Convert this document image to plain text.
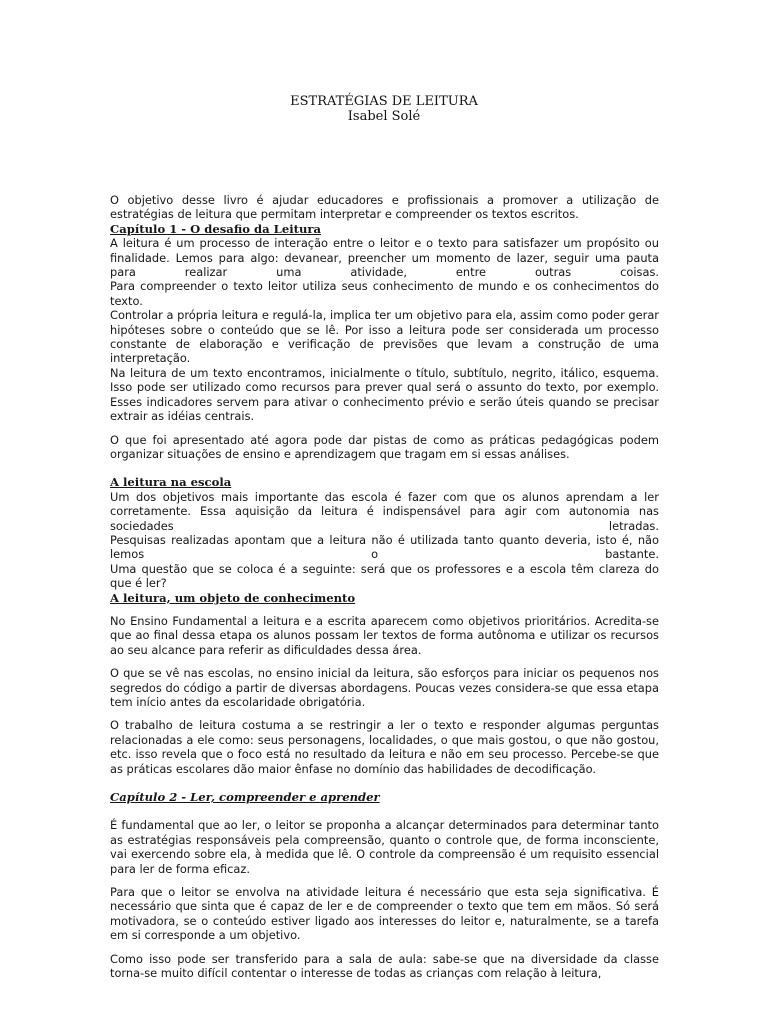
ESTRATÉGIAS DE LEITURA
Isabel Solé

O objetivo desse livro é ajudar educadores e profissionais a promover a utilização de estratégias de leitura que permitam interpretar e compreender os textos escritos.

Capítulo 1 - O desafio da Leitura

A leitura é um processo de interação entre o leitor e o texto para satisfazer um propósito ou finalidade. Lemos para algo: devanear, preencher um momento de lazer, seguir uma pauta para realizar uma atividade, entre outras coisas.

Para compreender o texto leitor utiliza seus conhecimento de mundo e os conhecimentos do texto.

Controlar a própria leitura e regulá-la, implica ter um objetivo para ela, assim como poder gerar hipóteses sobre o conteúdo que se lê. Por isso a leitura pode ser considerada um processo constante de elaboração e verificação de previsões que levam a construção de uma interpretação.

Na leitura de um texto encontramos, inicialmente o título, subtítulo, negrito, itálico, esquema. Isso pode ser utilizado como recursos para prever qual será o assunto do texto, por exemplo.

Esses indicadores servem para ativar o conhecimento prévio e serão úteis quando se precisar extrair as idéias centrais.

O que foi apresentado até agora pode dar pistas de como as práticas pedagógicas podem organizar situações de ensino e aprendizagem que tragam em si essas análises.

A leitura na escola

Um dos objetivos mais importante das escola é fazer com que os alunos aprendam a ler corretamente. Essa aquisição da leitura é indispensável para agir com autonomia nas sociedades letradas.

Pesquisas realizadas apontam que a leitura não é utilizada tanto quanto deveria, isto é, não lemos o bastante.

Uma questão que se coloca é a seguinte: será que os professores e a escola têm clareza do que é ler?

A leitura, um objeto de conhecimento

No Ensino Fundamental a leitura e a escrita aparecem como objetivos prioritários. Acredita-se que ao final dessa etapa os alunos possam ler textos de forma autônoma e utilizar os recursos ao seu alcance para referir as dificuldades dessa área.

O que se vê nas escolas, no ensino inicial da leitura, são esforços para iniciar os pequenos nos segredos do código a partir de diversas abordagens. Poucas vezes considera-se que essa etapa tem início antes da escolaridade obrigatória.

O trabalho de leitura costuma a se restringir a ler o texto e responder algumas perguntas relacionadas a ele como: seus personagens, localidades, o que mais gostou, o que não gostou, etc. isso revela que o foco está no resultado da leitura e não em seu processo. Percebe-se que as práticas escolares dão maior ênfase no domínio das habilidades de decodificação.

Capítulo 2 - Ler, compreender e aprender

É fundamental que ao ler, o leitor se proponha a alcançar determinados para determinar tanto as estratégias responsáveis pela compreensão, quanto o controle que, de forma inconsciente, vai exercendo sobre ela, à medida que lê. O controle da compreensão é um requisito essencial para ler de forma eficaz.

Para que o leitor se envolva na atividade leitura é necessário que esta seja significativa. É necessário que sinta que é capaz de ler e de compreender o texto que tem em mãos. Só será motivadora, se o conteúdo estiver ligado aos interesses do leitor e, naturalmente, se a tarefa em si corresponde a um objetivo.

Como isso pode ser transferido para a sala de aula: sabe-se que na diversidade da classe torna-se muito difícil contentar o interesse de todas as crianças com relação à leitura,
